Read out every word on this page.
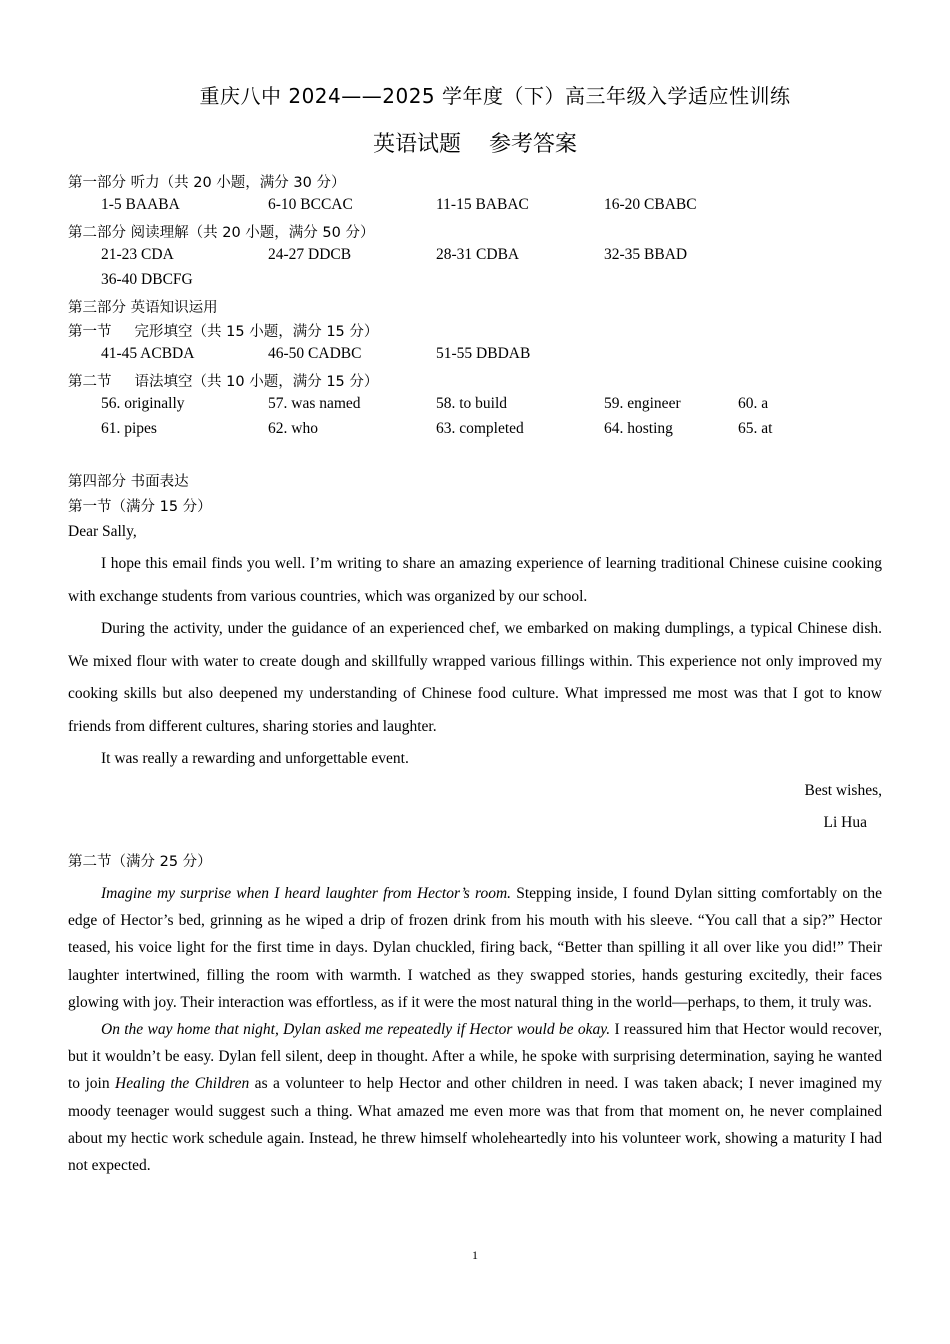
重庆八中 2024——2025 学年度（下）高三年级入学适应性训练
英语试题 参考答案
第一部分 听力（共 20 小题，满分 30 分）
1-5 BAABA	6-10 BCCAC	11-15 BABAC	16-20 CBABC
第二部分 阅读理解（共 20 小题，满分 50 分）
21-23 CDA	24-27 DDCB	28-31 CDBA	32-35 BBAD
36-40 DBCFG
第三部分 英语知识运用
第一节     完形填空（共 15 小题，满分 15 分）
41-45 ACBDA	46-50 CADBC	51-55 DBDAB
第二节     语法填空（共 10 小题，满分 15 分）
56. originally	57. was named	58. to build	59. engineer	60. a
61. pipes	62. who	63. completed	64. hosting	65. at
第四部分 书面表达
第一节（满分 15 分）
Dear Sally,

I hope this email finds you well. I’m writing to share an amazing experience of learning traditional Chinese cuisine cooking with exchange students from various countries, which was organized by our school.

During the activity, under the guidance of an experienced chef, we embarked on making dumplings, a typical Chinese dish. We mixed flour with water to create dough and skillfully wrapped various fillings within. This experience not only improved my cooking skills but also deepened my understanding of Chinese food culture. What impressed me most was that I got to know friends from different cultures, sharing stories and laughter.

It was really a rewarding and unforgettable event.

Best wishes,
Li Hua
第二节（满分 25 分）

Imagine my surprise when I heard laughter from Hector’s room. Stepping inside, I found Dylan sitting comfortably on the edge of Hector’s bed, grinning as he wiped a drip of frozen drink from his mouth with his sleeve. “You call that a sip?” Hector teased, his voice light for the first time in days. Dylan chuckled, firing back, “Better than spilling it all over like you did!” Their laughter intertwined, filling the room with warmth. I watched as they swapped stories, hands gesturing excitedly, their faces glowing with joy. Their interaction was effortless, as if it were the most natural thing in the world—perhaps, to them, it truly was.

On the way home that night, Dylan asked me repeatedly if Hector would be okay. I reassured him that Hector would recover, but it wouldn’t be easy. Dylan fell silent, deep in thought. After a while, he spoke with surprising determination, saying he wanted to join Healing the Children as a volunteer to help Hector and other children in need. I was taken aback; I never imagined my moody teenager would suggest such a thing. What amazed me even more was that from that moment on, he never complained about my hectic work schedule again. Instead, he threw himself wholeheartedly into his volunteer work, showing a maturity I had not expected.

1
